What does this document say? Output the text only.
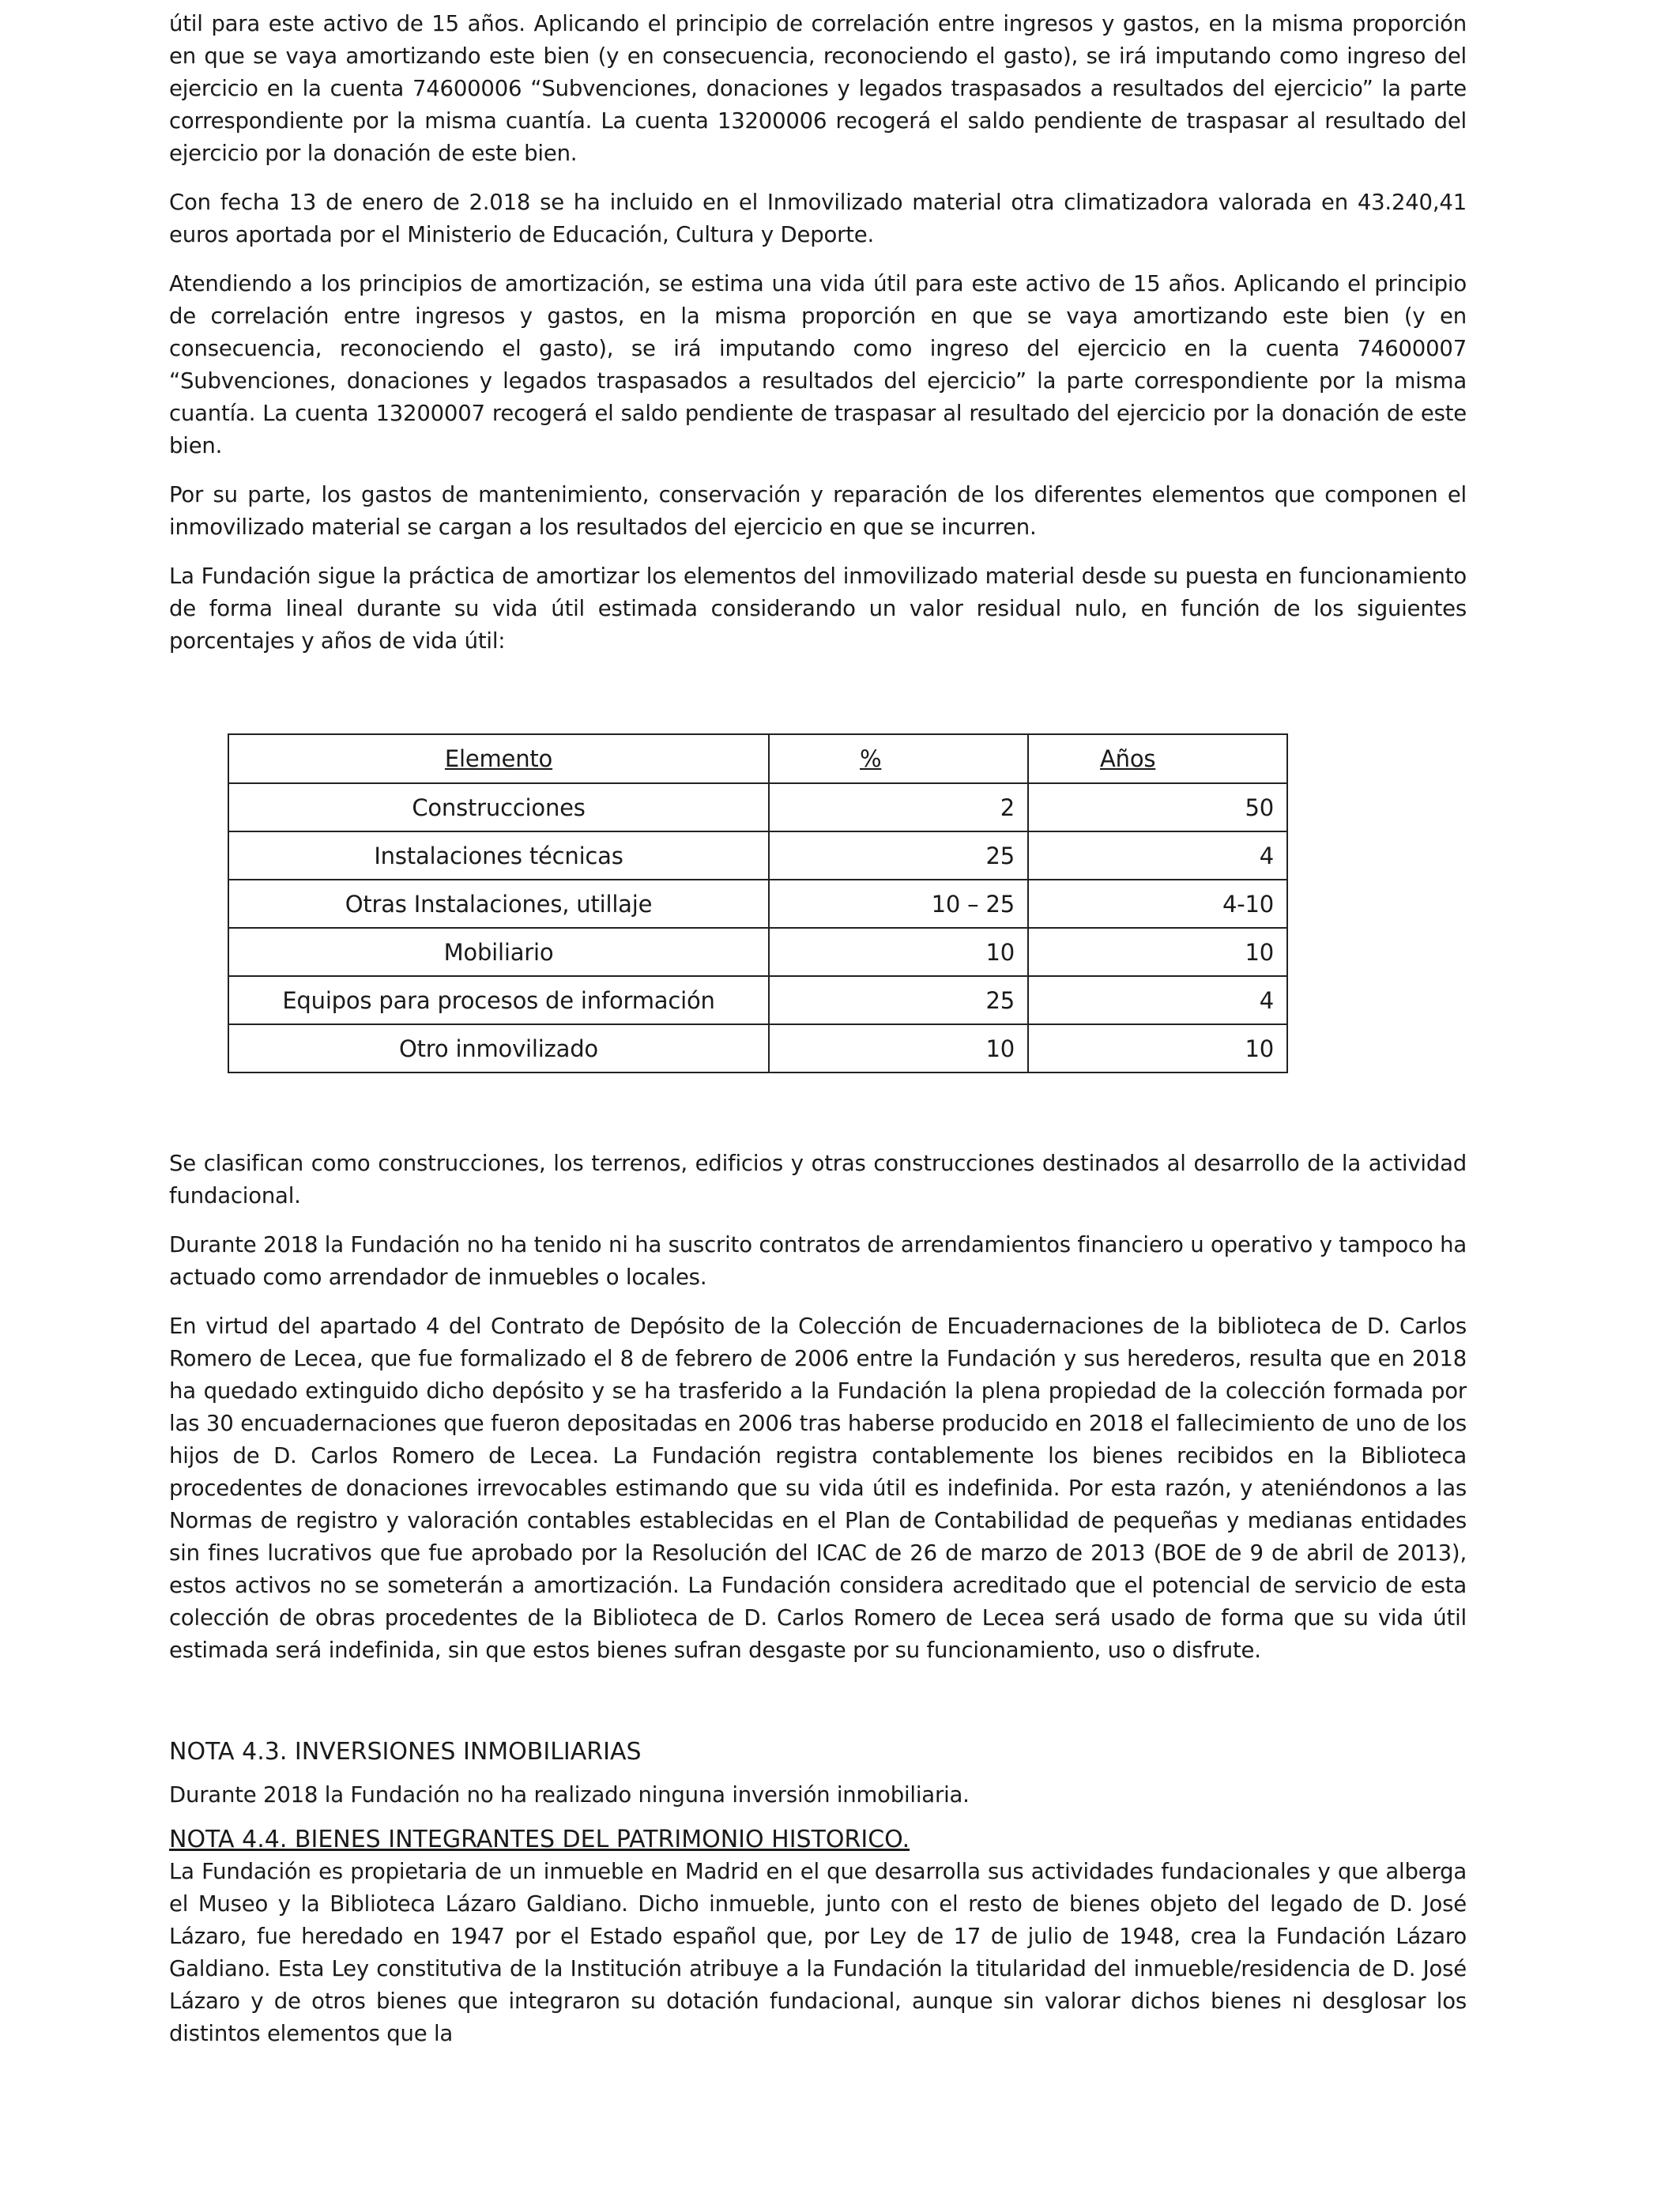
útil para este activo de 15 años. Aplicando el principio de correlación entre ingresos y gastos, en la misma proporción en que se vaya amortizando este bien (y en consecuencia, reconociendo el gasto), se irá imputando como ingreso del ejercicio en la cuenta 74600006 “Subvenciones, donaciones y legados traspasados a resultados del ejercicio” la parte correspondiente por la misma cuantía. La cuenta 13200006 recogerá el saldo pendiente de traspasar al resultado del ejercicio por la donación de este bien.

Con fecha 13 de enero de 2.018 se ha incluido en el Inmovilizado material otra climatizadora valorada en 43.240,41 euros aportada por el Ministerio de Educación, Cultura y Deporte.

Atendiendo a los principios de amortización, se estima una vida útil para este activo de 15 años. Aplicando el principio de correlación entre ingresos y gastos, en la misma proporción en que se vaya amortizando este bien (y en consecuencia, reconociendo el gasto), se irá imputando como ingreso del ejercicio en la cuenta 74600007 “Subvenciones, donaciones y legados traspasados a resultados del ejercicio” la parte correspondiente por la misma cuantía. La cuenta 13200007 recogerá el saldo pendiente de traspasar al resultado del ejercicio por la donación de este bien.

Por su parte, los gastos de mantenimiento, conservación y reparación de los diferentes elementos que componen el inmovilizado material se cargan a los resultados del ejercicio en que se incurren.

La Fundación sigue la práctica de amortizar los elementos del inmovilizado material desde su puesta en funcionamiento de forma lineal durante su vida útil estimada considerando un valor residual nulo, en función de los siguientes porcentajes y años de vida útil:

Elemento	%	Años
Construcciones	2	50
Instalaciones técnicas	25	4
Otras Instalaciones, utillaje	10 – 25	4-10
Mobiliario	10	10
Equipos para procesos de información	25	4
Otro inmovilizado	10	10

Se clasifican como construcciones, los terrenos, edificios y otras construcciones destinados al desarrollo de la actividad fundacional.

Durante 2018 la Fundación no ha tenido ni ha suscrito contratos de arrendamientos financiero u operativo y tampoco ha actuado como arrendador de inmuebles o locales.

En virtud del apartado 4 del Contrato de Depósito de la Colección de Encuadernaciones de la biblioteca de D. Carlos Romero de Lecea, que fue formalizado el 8 de febrero de 2006 entre la Fundación y sus herederos, resulta que en 2018 ha quedado extinguido dicho depósito y se ha trasferido a la Fundación la plena propiedad de la colección formada por las 30 encuadernaciones que fueron depositadas en 2006 tras haberse producido en 2018 el fallecimiento de uno de los hijos de D. Carlos Romero de Lecea. La Fundación registra contablemente los bienes recibidos en la Biblioteca procedentes de donaciones irrevocables estimando que su vida útil es indefinida. Por esta razón, y ateniéndonos a las Normas de registro y valoración contables establecidas en el Plan de Contabilidad de pequeñas y medianas entidades sin fines lucrativos que fue aprobado por la Resolución del ICAC de 26 de marzo de 2013 (BOE de 9 de abril de 2013), estos activos no se someterán a amortización. La Fundación considera acreditado que el potencial de servicio de esta colección de obras procedentes de la Biblioteca de D. Carlos Romero de Lecea será usado de forma que su vida útil estimada será indefinida, sin que estos bienes sufran desgaste por su funcionamiento, uso o disfrute.

NOTA 4.3. INVERSIONES INMOBILIARIAS

Durante 2018 la Fundación no ha realizado ninguna inversión inmobiliaria.

NOTA 4.4. BIENES INTEGRANTES DEL PATRIMONIO HISTORICO.

La Fundación es propietaria de un inmueble en Madrid en el que desarrolla sus actividades fundacionales y que alberga el Museo y la Biblioteca Lázaro Galdiano. Dicho inmueble, junto con el resto de bienes objeto del legado de D. José Lázaro, fue heredado en 1947 por el Estado español que, por Ley de 17 de julio de 1948, crea la Fundación Lázaro Galdiano. Esta Ley constitutiva de la Institución atribuye a la Fundación la titularidad del inmueble/residencia de D. José Lázaro y de otros bienes que integraron su dotación fundacional, aunque sin valorar dichos bienes ni desglosar los distintos elementos que la
